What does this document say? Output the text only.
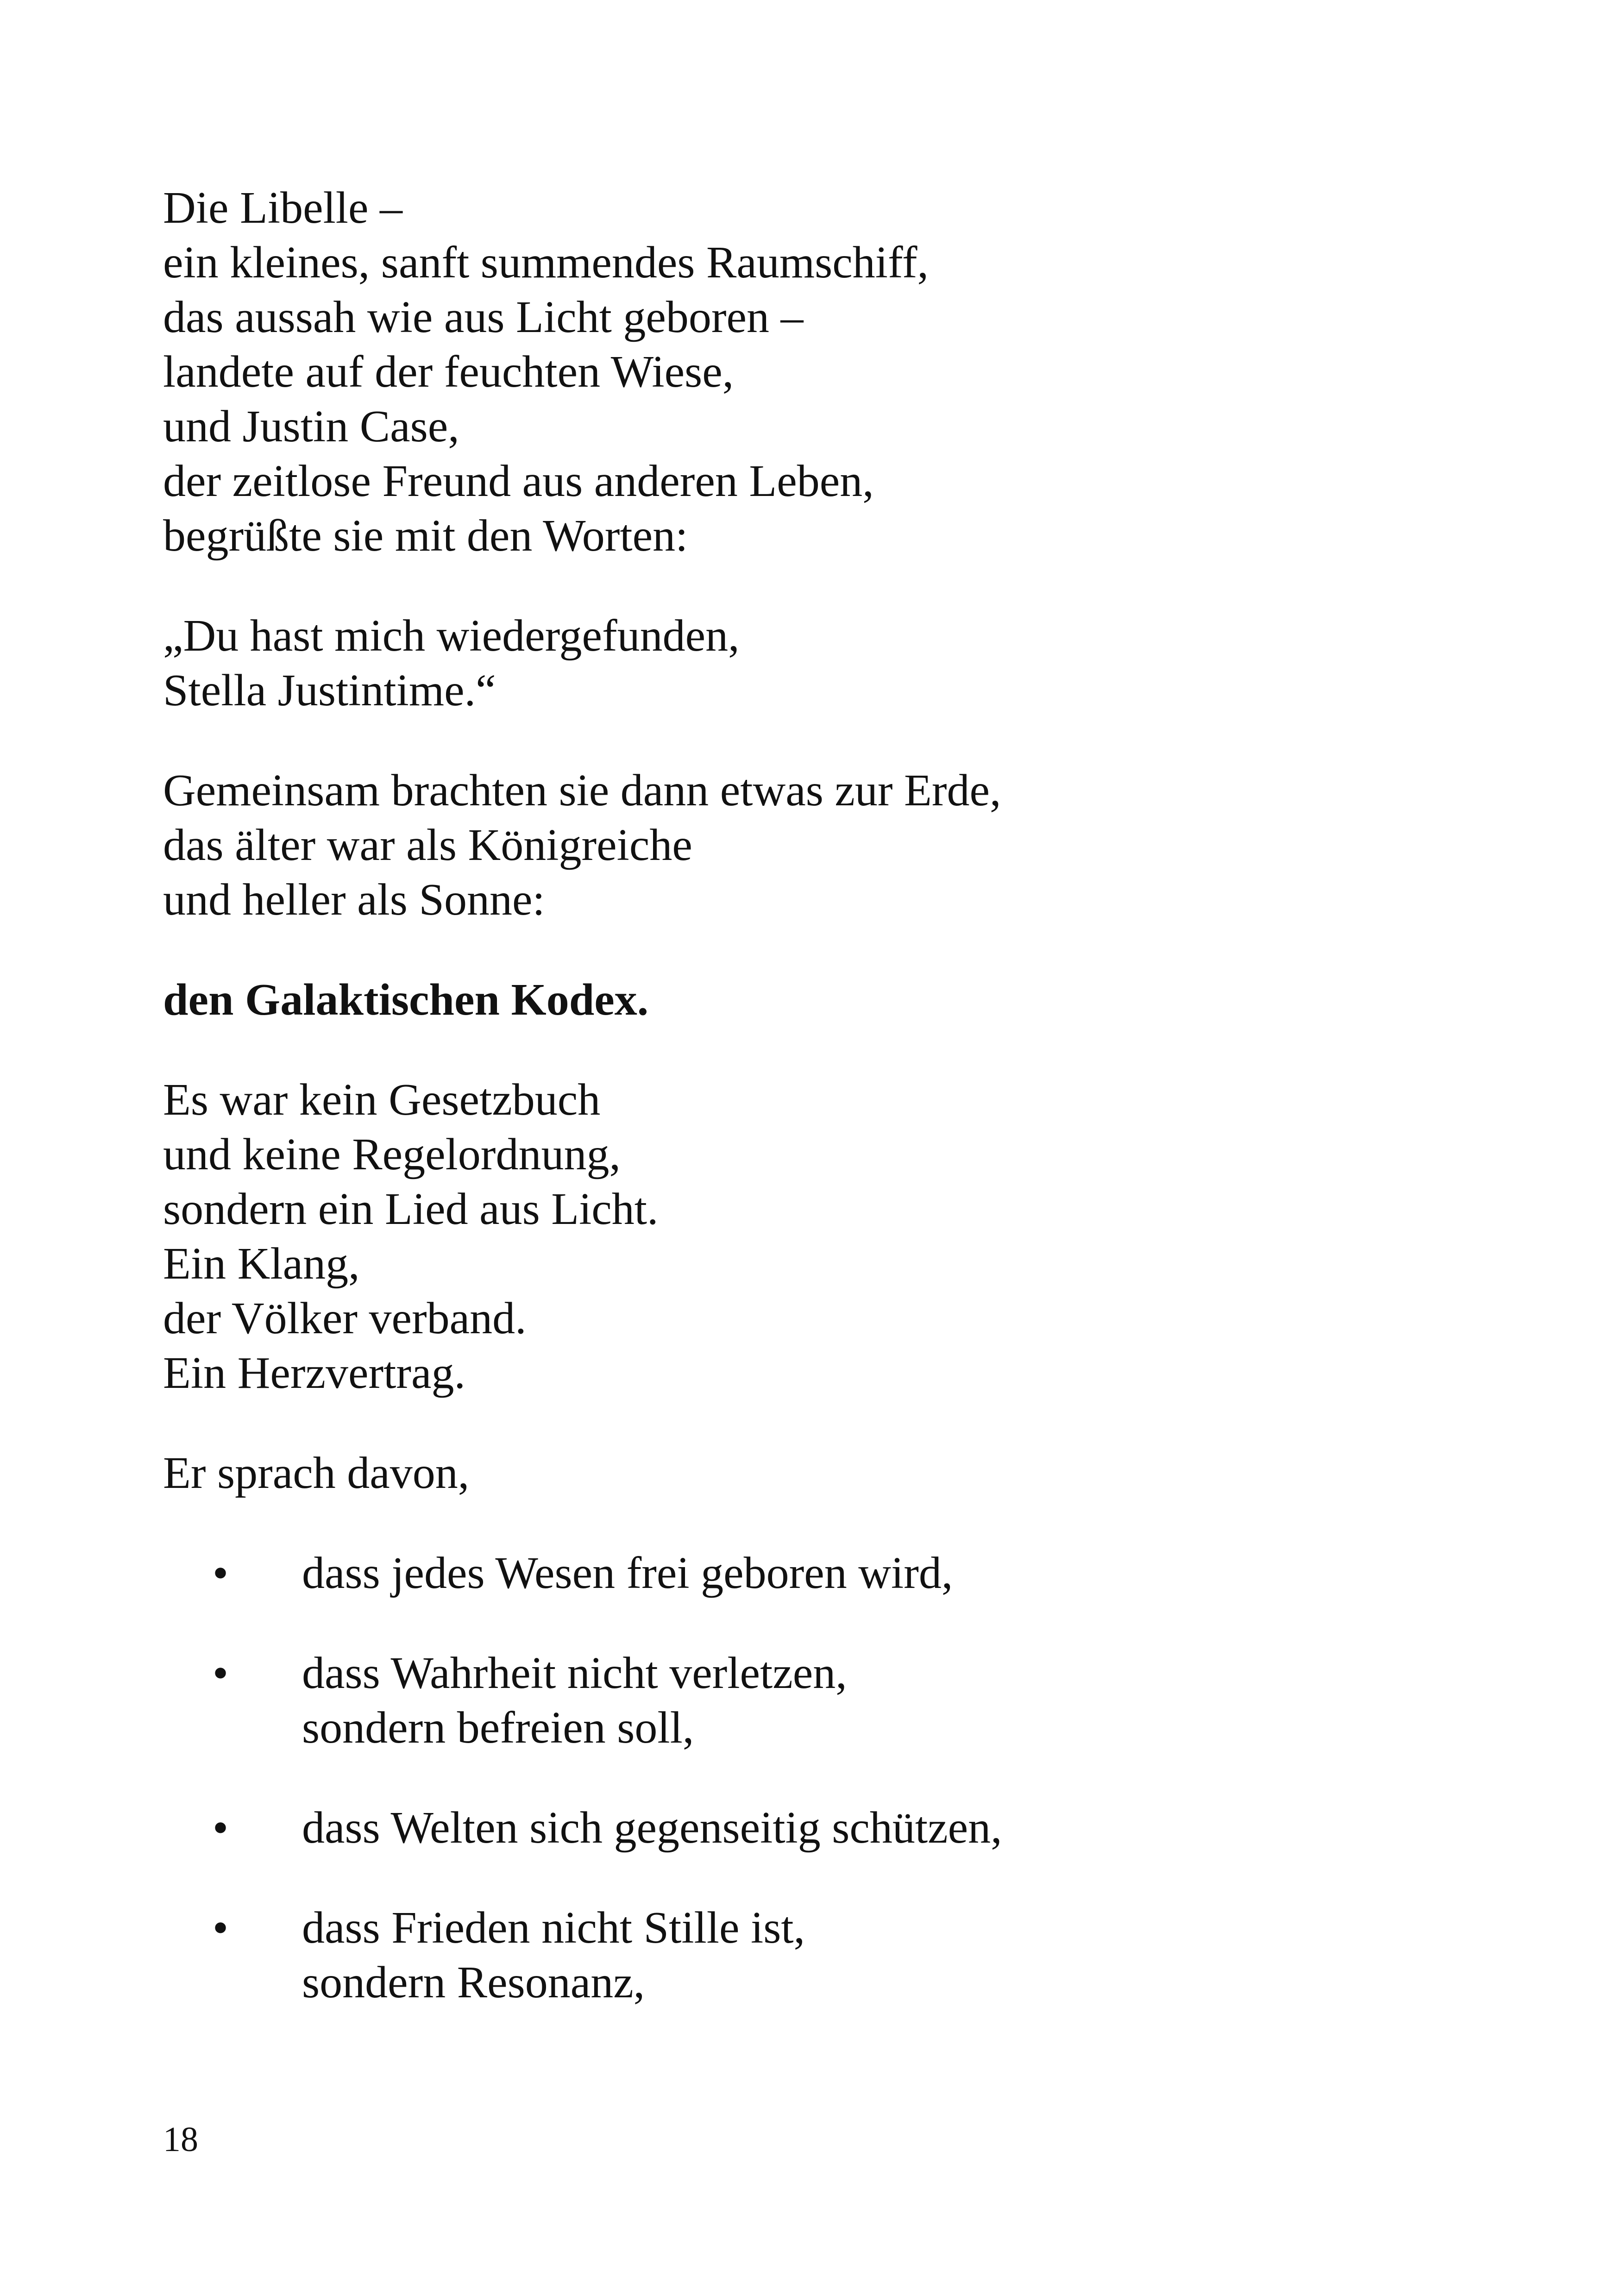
Die Libelle –
ein kleines, sanft summendes Raumschiff,
das aussah wie aus Licht geboren –
landete auf der feuchten Wiese,
und Justin Case,
der zeitlose Freund aus anderen Leben,
begrüßte sie mit den Worten:
„Du hast mich wiedergefunden,
Stella Justintime.“
Gemeinsam brachten sie dann etwas zur Erde,
das älter war als Königreiche
und heller als Sonne:
den Galaktischen Kodex.
Es war kein Gesetzbuch
und keine Regelordnung,
sondern ein Lied aus Licht.
Ein Klang,
der Völker verband.
Ein Herzvertrag.
Er sprach davon,
• dass jedes Wesen frei geboren wird,
• dass Wahrheit nicht verletzen,
sondern befreien soll,
• dass Welten sich gegenseitig schützen,
• dass Frieden nicht Stille ist,
sondern Resonanz,
18
